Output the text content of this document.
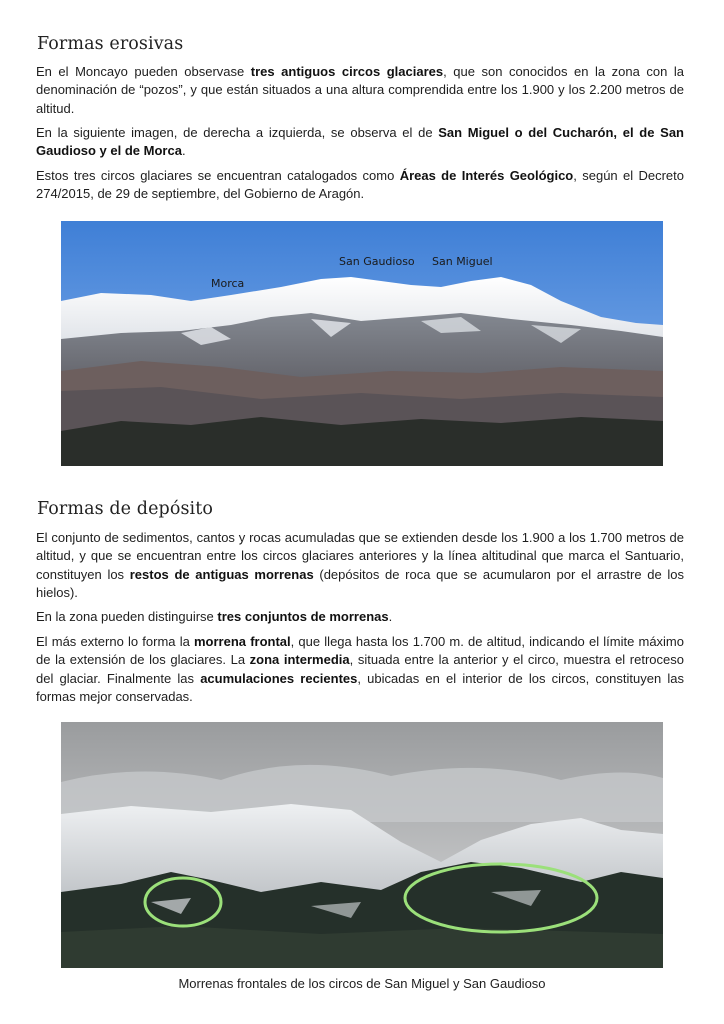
Formas erosivas

En el Moncayo pueden observase tres antiguos circos glaciares, que son conocidos en la zona con la denominación de “pozos”, y que están situados a una altura comprendida entre los 1.900 y los 2.200 metros de altitud.

En la siguiente imagen, de derecha a izquierda, se observa el de San Miguel o del Cucharón, el de San Gaudioso y el de Morca.

Estos tres circos glaciares se encuentran catalogados como Áreas de Interés Geológico, según el Decreto 274/2015, de 29 de septiembre, del Gobierno de Aragón.

Morca
San Gaudioso San Miguel
Formas de depósito

El conjunto de sedimentos, cantos y rocas acumuladas que se extienden desde los 1.900 a los 1.700 metros de altitud, y que se encuentran entre los circos glaciares anteriores y la línea altitudinal que marca el Santuario, constituyen los restos de antiguas morrenas (depósitos de roca que se acumularon por el arrastre de los hielos).

En la zona pueden distinguirse tres conjuntos de morrenas.

El más externo lo forma la morrena frontal, que llega hasta los 1.700 m. de altitud, indicando el límite máximo de la extensión de los glaciares. La zona intermedia, situada entre la anterior y el circo, muestra el retroceso del glaciar. Finalmente las acumulaciones recientes, ubicadas en el interior de los circos, constituyen las formas mejor conservadas.

Morrenas frontales de los circos de San Miguel y San Gaudioso
